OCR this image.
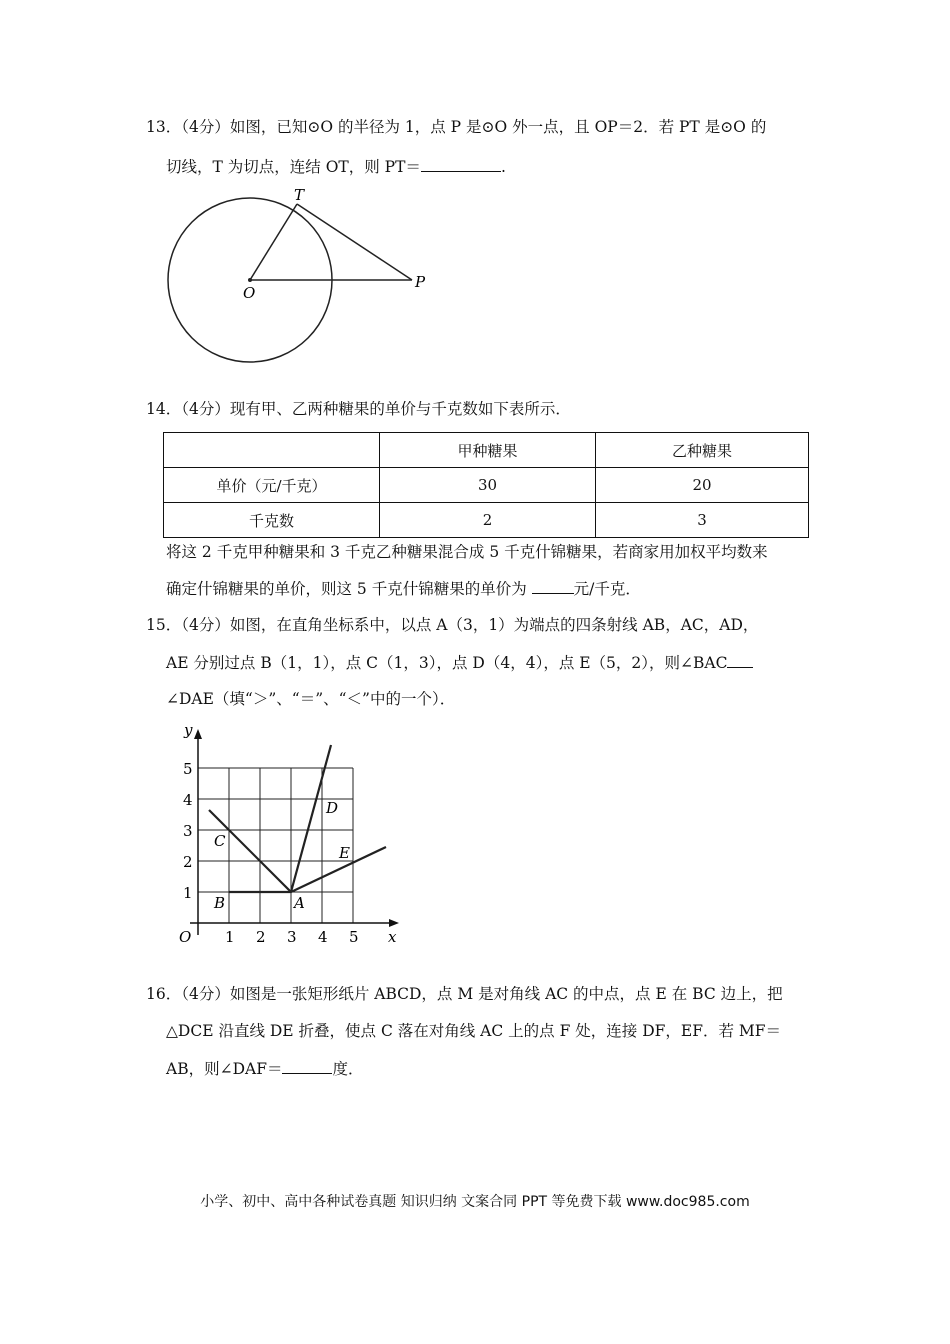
13．（4分）如图，已知⊙O 的半径为 1，点 P 是⊙O 外一点，且 OP＝2．若 PT 是⊙O 的
切线，T 为切点，连结 OT，则 PT＝	.
T
O
P
14．（4分）现有甲、乙两种糖果的单价与千克数如下表所示．
	甲种糖果	乙种糖果
单价（元/千克）	30	20
千克数	2	3
将这 2 千克甲种糖果和 3 千克乙种糖果混合成 5 千克什锦糖果，若商家用加权平均数来
确定什锦糖果的单价，则这 5 千克什锦糖果的单价为	元/千克．
15．（4分）如图，在直角坐标系中，以点 A（3，1）为端点的四条射线 AB，AC，AD，
AE 分别过点 B（1，1），点 C（1，3），点 D（4，4），点 E（5，2），则∠BAC
∠DAE（填“＞”、“＝”、“＜”中的一个）．
O 1 2 3 4 5 x
1
2
3
4
5
y
A
B
C
D
E
16．（4分）如图是一张矩形纸片 ABCD，点 M 是对角线 AC 的中点，点 E 在 BC 边上，把
△DCE 沿直线 DE 折叠，使点 C 落在对角线 AC 上的点 F 处，连接 DF，EF．若 MF＝
AB，则∠DAF＝	度．
小学、初中、高中各种试卷真题 知识归纳 文案合同 PPT 等免费下载 www.doc985.com
